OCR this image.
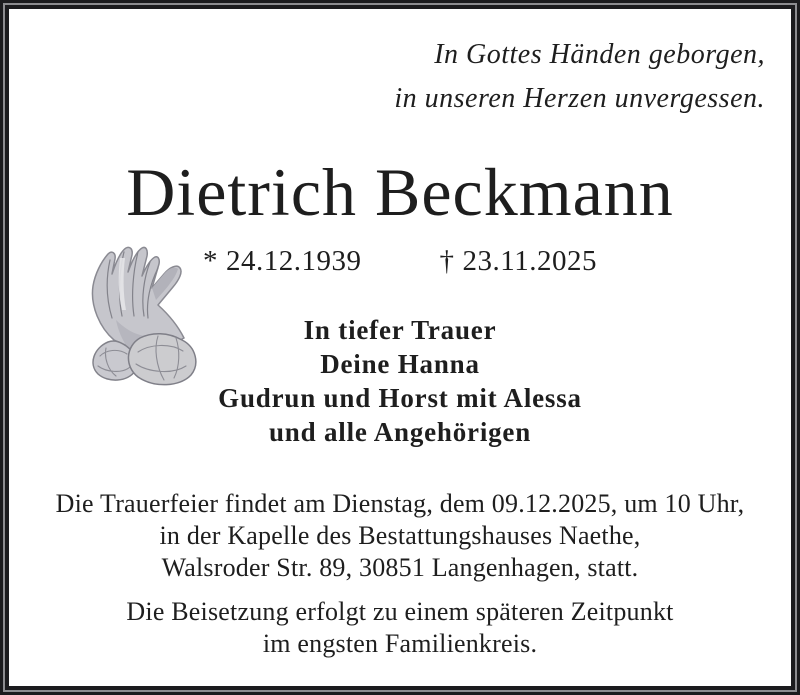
In Gottes Händen geborgen,
in unseren Herzen unvergessen.
Dietrich Beckmann
* 24.12.1939	† 23.11.2025
In tiefer Trauer
Deine Hanna
Gudrun und Horst mit Alessa
und alle Angehörigen
Die Trauerfeier findet am Dienstag, dem 09.12.2025, um 10 Uhr,
in der Kapelle des Bestattungshauses Naethe,
Walsroder Str. 89, 30851 Langenhagen, statt.
Die Beisetzung erfolgt zu einem späteren Zeitpunkt
im engsten Familienkreis.
